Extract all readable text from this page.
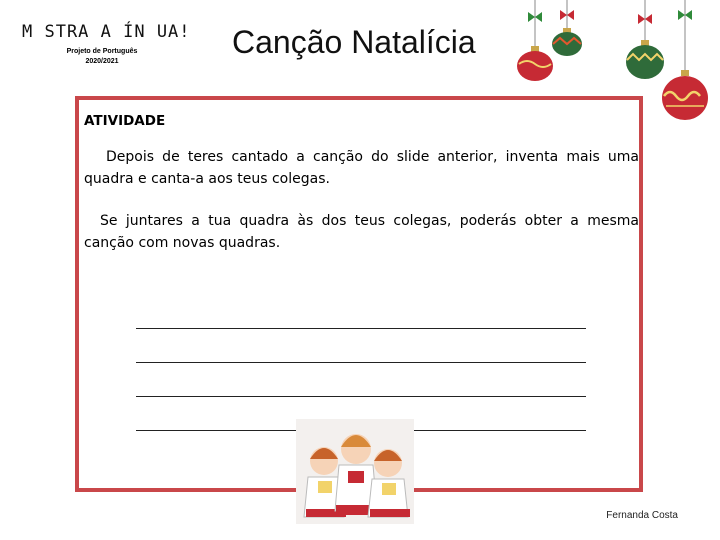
M STRA A ÍN UA!
Projeto de Português
2020/2021
Canção Natalícia

ATIVIDADE

Depois de teres cantado a canção do slide anterior, inventa mais uma quadra e canta-a aos teus colegas.

Se juntares a tua quadra às dos teus colegas, poderás obter a mesma canção com novas quadras.

Fernanda Costa
